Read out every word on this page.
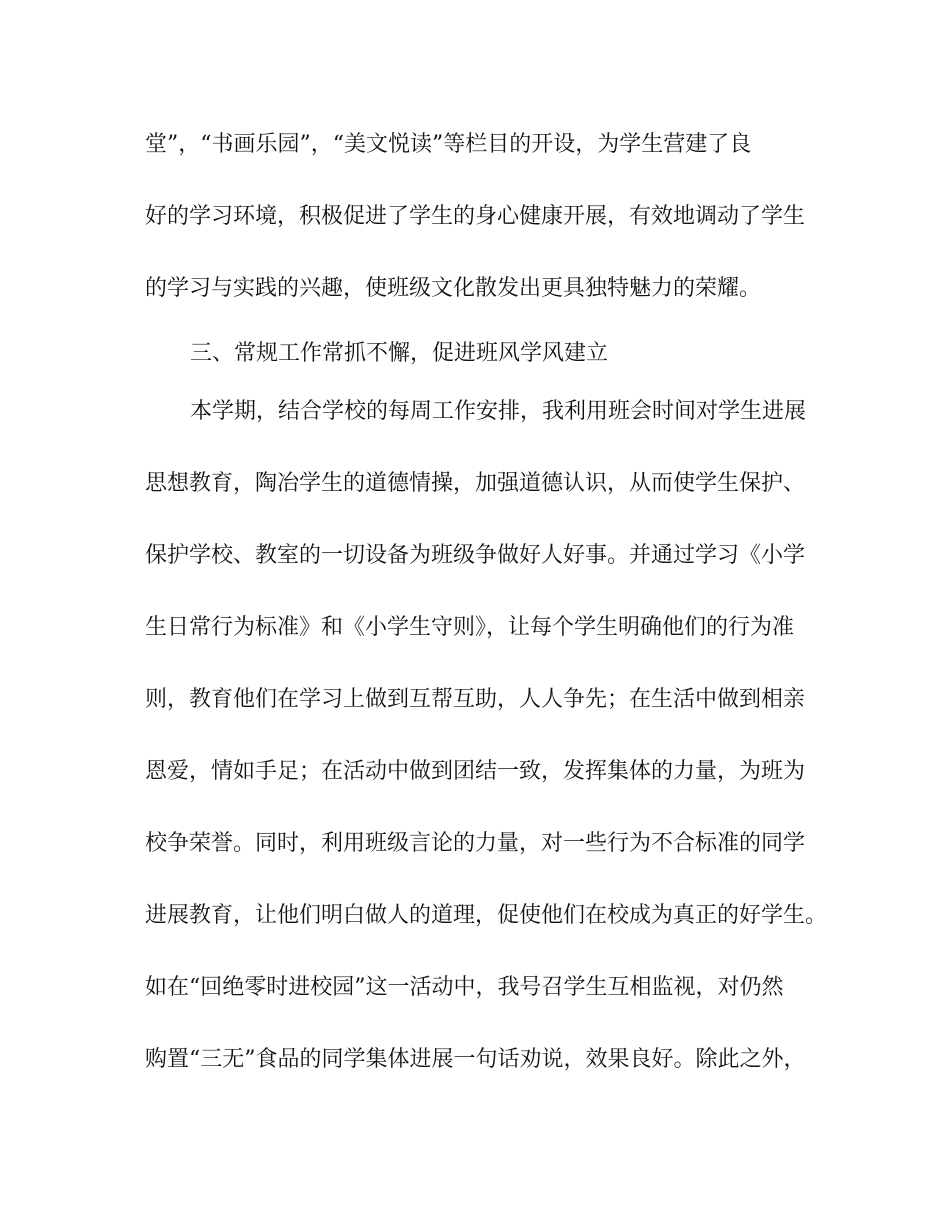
堂”，“书画乐园”，“美文悦读”等栏目的开设，为学生营建了良
好的学习环境，积极促进了学生的身心健康开展，有效地调动了学生
的学习与实践的兴趣，使班级文化散发出更具独特魅力的荣耀。
三、常规工作常抓不懈，促进班风学风建立
本学期，结合学校的每周工作安排，我利用班会时间对学生进展
思想教育，陶冶学生的道德情操，加强道德认识，从而使学生保护、
保护学校、教室的一切设备为班级争做好人好事。并通过学习《小学
生日常行为标准》和《小学生守则》，让每个学生明确他们的行为准
则，教育他们在学习上做到互帮互助，人人争先；在生活中做到相亲
恩爱，情如手足；在活动中做到团结一致，发挥集体的力量，为班为
校争荣誉。同时，利用班级言论的力量，对一些行为不合标准的同学
进展教育，让他们明白做人的道理，促使他们在校成为真正的好学生。
如在“回绝零时进校园”这一活动中，我号召学生互相监视，对仍然
购置“三无”食品的同学集体进展一句话劝说，效果良好。除此之外，
